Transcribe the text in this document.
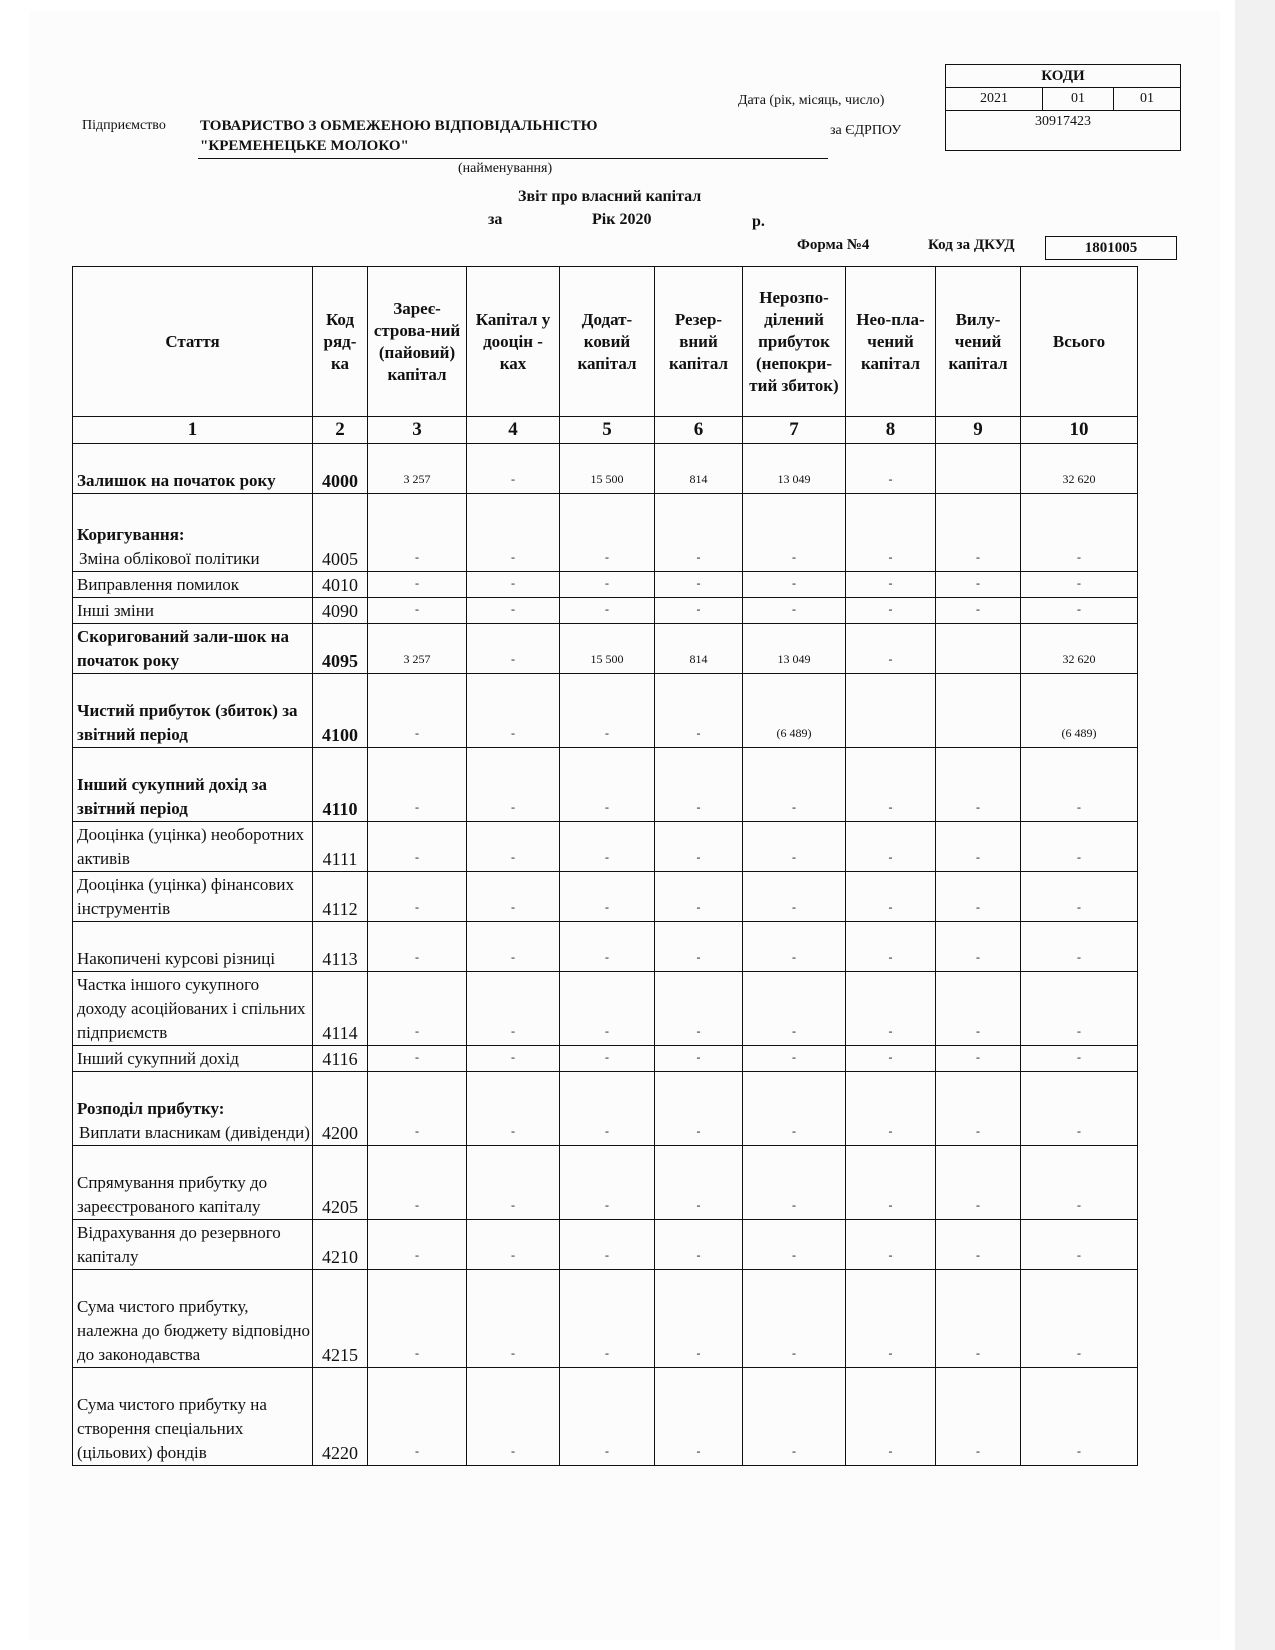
Підприємство ТОВАРИСТВО З ОБМЕЖЕНОЮ ВІДПОВІДАЛЬНІСТЮ
"КРЕМЕНЕЦЬКЕ МОЛОКО"
(найменування)
Дата (рік, місяць, число)
за ЄДРПОУ
КОДИ
2021	01	01
30917423
Звіт про власний капітал
за	Рік 2020	р.
Форма №4	Код за ДКУД	1801005
Стаття	Код ряд-ка	Зареє-строва-ний (пайовий) капітал	Капітал у дооцін - ках	Додат-ковий капітал	Резер-вний капітал	Нерозпо-ділений прибуток (непокри-тий збиток)	Нео-пла-чений капітал	Вилу-чений капітал	Всього
1	2	3	4	5	6	7	8	9	10
Залишок на початок року	4000	3 257	-	15 500	814	13 049	-		32 620
Коригування:
Зміна облікової політики	4005	-	-	-	-	-	-	-	-
Виправлення помилок	4010	-	-	-	-	-	-	-	-
Інші зміни	4090	-	-	-	-	-	-	-	-
Скоригований зали-шок на початок року	4095	3 257	-	15 500	814	13 049	-		32 620
Чистий прибуток (збиток) за звітний період	4100	-	-	-	-	(6 489)			(6 489)
Інший сукупний дохід за звітний період	4110	-	-	-	-	-	-	-	-
Дооцінка (уцінка) необоротних активів	4111	-	-	-	-	-	-	-	-
Дооцінка (уцінка) фінансових інструментів	4112	-	-	-	-	-	-	-	-
Накопичені курсові різниці	4113	-	-	-	-	-	-	-	-
Частка іншого сукупного доходу асоційованих і спільних підприємств	4114	-	-	-	-	-	-	-	-
Інший сукупний дохід	4116	-	-	-	-	-	-	-	-
Розподіл прибутку:
Виплати власникам (дивіденди)	4200	-	-	-	-	-	-	-	-
Спрямування прибутку до зареєстрованого капіталу	4205	-	-	-	-	-	-	-	-
Відрахування до резервного капіталу	4210	-	-	-	-	-	-	-	-
Сума чистого прибутку, належна до бюджету відповідно до законодавства	4215	-	-	-	-	-	-	-	-
Сума чистого прибутку на створення спеціальних (цільових) фондів	4220	-	-	-	-	-	-	-	-
